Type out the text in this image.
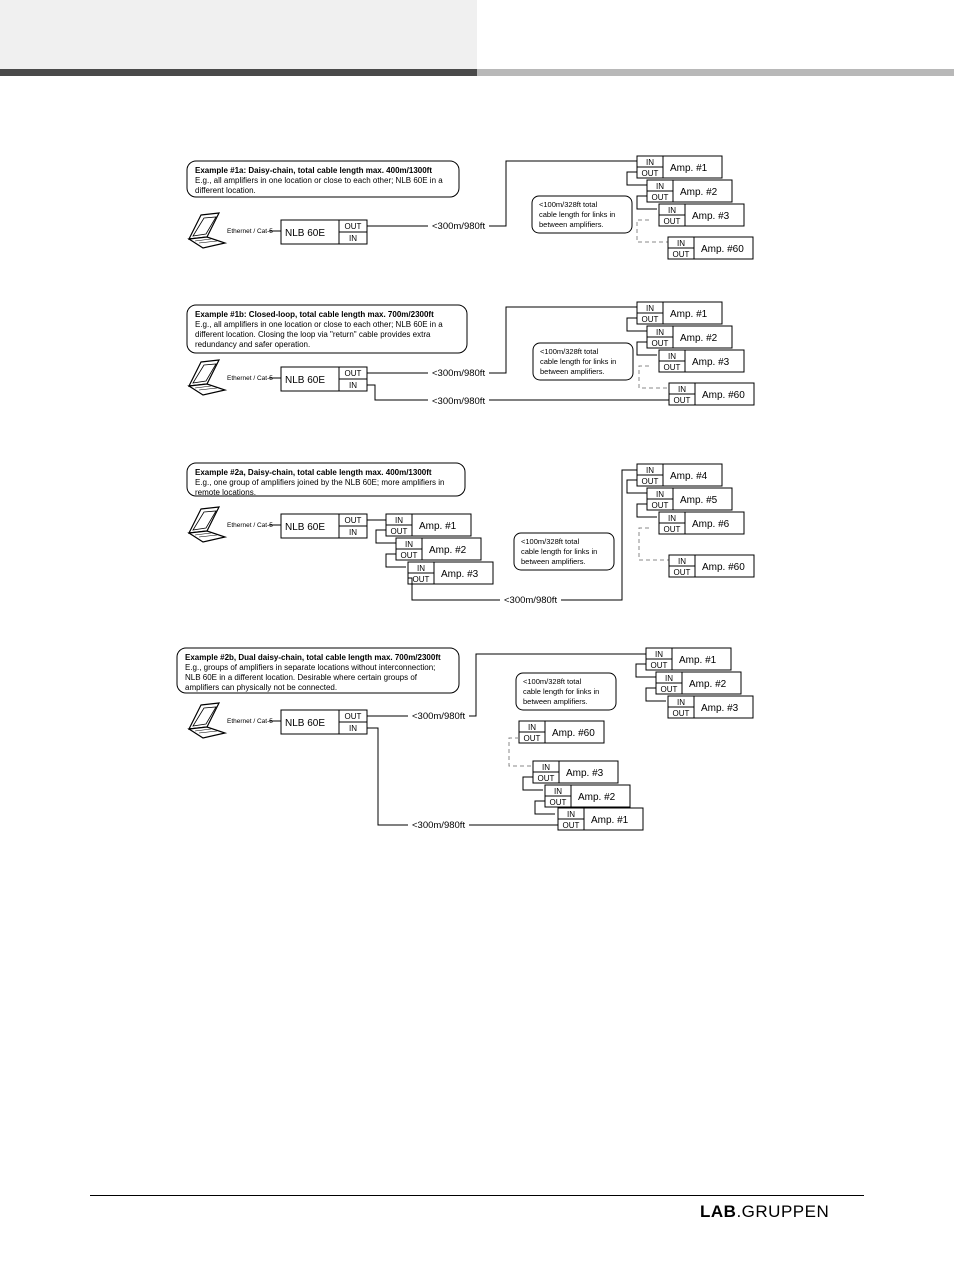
Example #1a: Daisy-chain, total cable length max. 400m/1300ft
E.g., all amplifiers in one location or close to each other; NLB 60E in a
different location.
Ethernet / Cat-5 NLB 60E
OUT
IN
<300m/980ft
IN
OUT Amp. #1
IN
OUT Amp. #2
IN
OUT Amp. #3
IN
OUT Amp. #60
<100m/328ft total
cable length for links in
between amplifiers.
Example #1b: Closed-loop, total cable length max. 700m/2300ft
E.g., all amplifiers in one location or close to each other; NLB 60E in a
different location. Closing the loop via "return" cable provides extra
redundancy and safer operation.
Ethernet / Cat-5 NLB 60E
OUT
IN
<300m/980ft
<300m/980ft
IN
OUT Amp. #1
IN
OUT Amp. #2
IN
OUT Amp. #3
IN
OUT Amp. #60
<100m/328ft total
cable length for links in
between amplifiers.
Example #2a, Daisy-chain, total cable length max. 400m/1300ft
E.g., one group of amplifiers joined by the NLB 60E; more amplifiers in
remote locations.
Ethernet / Cat-5 NLB 60E
OUT
IN
IN
OUT Amp. #1
IN
OUT Amp. #2
IN
OUT Amp. #3
<300m/980ft
IN
OUT Amp. #4
IN
OUT Amp. #5
IN
OUT Amp. #6
IN
OUT Amp. #60
<100m/328ft total
cable length for links in
between amplifiers.
Example #2b, Dual daisy-chain, total cable length max. 700m/2300ft
E.g., groups of amplifiers in separate locations without interconnection;
NLB 60E in a different location. Desirable where certain groups of
amplifiers can physically not be connected.
Ethernet / Cat-5 NLB 60E
OUT
IN
<300m/980ft
IN
OUT Amp. #1
IN
OUT Amp. #2
IN
OUT Amp. #3
<100m/328ft total
cable length for links in
between amplifiers.
<300m/980ft
IN
OUT Amp. #60
IN
OUT Amp. #3
IN
OUT Amp. #2
IN
OUT Amp. #1
LAB.GRUPPEN
